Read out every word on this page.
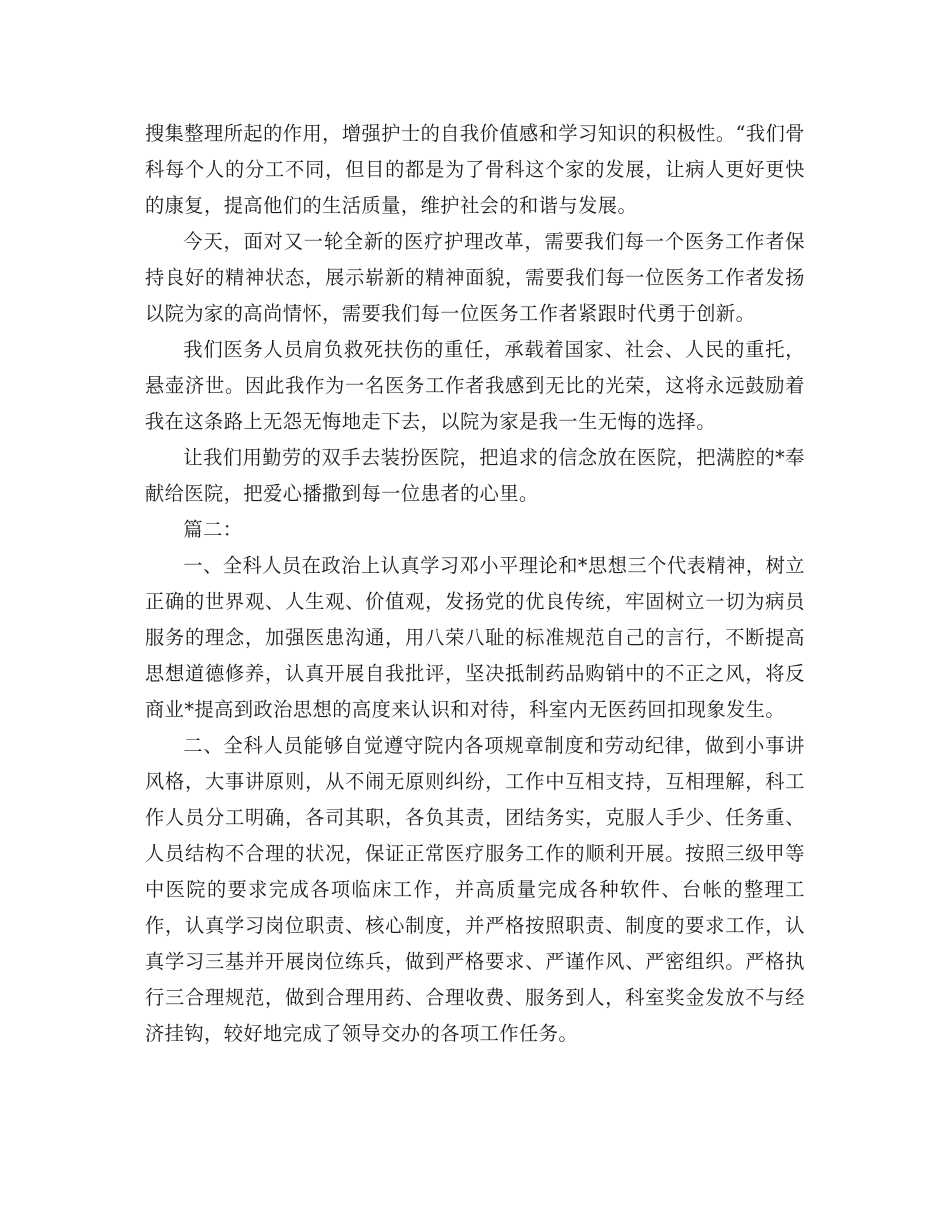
搜集整理所起的作用，增强护士的自我价值感和学习知识的积极性。“我们骨科每个人的分工不同，但目的都是为了骨科这个家的发展，让病人更好更快的康复，提高他们的生活质量，维护社会的和谐与发展。

今天，面对又一轮全新的医疗护理改革，需要我们每一个医务工作者保持良好的精神状态，展示崭新的精神面貌，需要我们每一位医务工作者发扬以院为家的高尚情怀，需要我们每一位医务工作者紧跟时代勇于创新。

我们医务人员肩负救死扶伤的重任，承载着国家、社会、人民的重托，悬壶济世。因此我作为一名医务工作者我感到无比的光荣，这将永远鼓励着我在这条路上无怨无悔地走下去，以院为家是我一生无悔的选择。

让我们用勤劳的双手去装扮医院，把追求的信念放在医院，把满腔的*奉献给医院，把爱心播撒到每一位患者的心里。

篇二：

一、全科人员在政治上认真学习邓小平理论和*思想三个代表精神，树立正确的世界观、人生观、价值观，发扬党的优良传统，牢固树立一切为病员服务的理念，加强医患沟通，用八荣八耻的标准规范自己的言行，不断提高思想道德修养，认真开展自我批评，坚决抵制药品购销中的不正之风，将反商业*提高到政治思想的高度来认识和对待，科室内无医药回扣现象发生。

二、全科人员能够自觉遵守院内各项规章制度和劳动纪律，做到小事讲风格，大事讲原则，从不闹无原则纠纷，工作中互相支持，互相理解，科工作人员分工明确，各司其职，各负其责，团结务实，克服人手少、任务重、人员结构不合理的状况，保证正常医疗服务工作的顺利开展。按照三级甲等中医院的要求完成各项临床工作，并高质量完成各种软件、台帐的整理工作，认真学习岗位职责、核心制度，并严格按照职责、制度的要求工作，认真学习三基并开展岗位练兵，做到严格要求、严谨作风、严密组织。严格执行三合理规范，做到合理用药、合理收费、服务到人，科室奖金发放不与经济挂钩，较好地完成了领导交办的各项工作任务。
